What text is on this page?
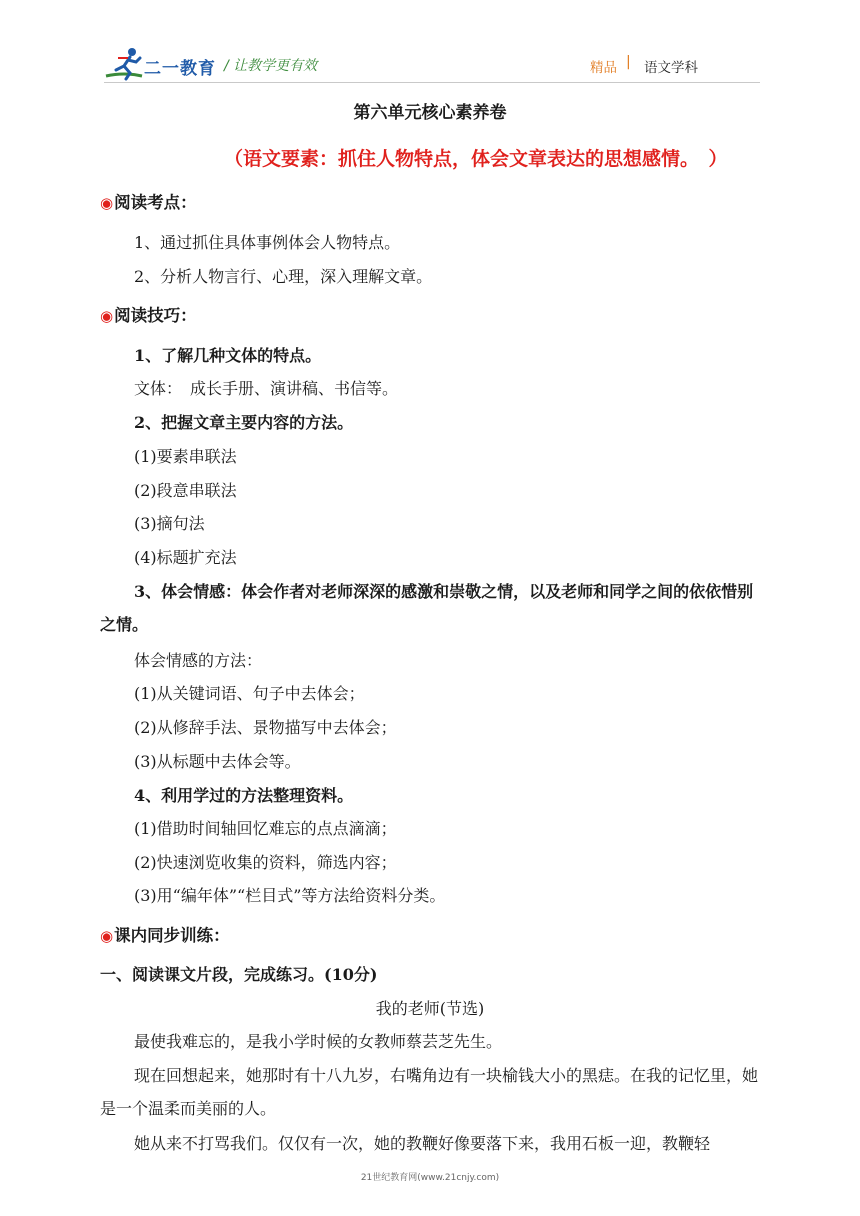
二一教育 / 让教学更有效	精品 | 语文学科
第六单元核心素养卷
（语文要素：抓住人物特点，体会文章表达的思想感情。　）
◉阅读考点：
1、通过抓住具体事例体会人物特点。
2、分析人物言行、心理，深入理解文章。
◉阅读技巧：
1、了解几种文体的特点。
文体：　成长手册、演讲稿、书信等。
2、把握文章主要内容的方法。
(1)要素串联法
(2)段意串联法
(3)摘句法
(4)标题扩充法
3、体会情感：体会作者对老师深深的感激和崇敬之情，以及老师和同学之间的依依惜别之情。
体会情感的方法：
(1)从关键词语、句子中去体会；
(2)从修辞手法、景物描写中去体会；
(3)从标题中去体会等。
4、利用学过的方法整理资料。
(1)借助时间轴回忆难忘的点点滴滴；
(2)快速浏览收集的资料，筛选内容；
(3)用“编年体”“栏目式”等方法给资料分类。
◉课内同步训练：
一、阅读课文片段，完成练习。(10分)
我的老师(节选)
最使我难忘的，是我小学时候的女教师蔡芸芝先生。
现在回想起来，她那时有十八九岁，右嘴角边有一块榆钱大小的黑痣。在我的记忆里，她是一个温柔而美丽的人。
她从来不打骂我们。仅仅有一次，她的教鞭好像要落下来，我用石板一迎，教鞭轻
21世纪教育网(www.21cnjy.com)
